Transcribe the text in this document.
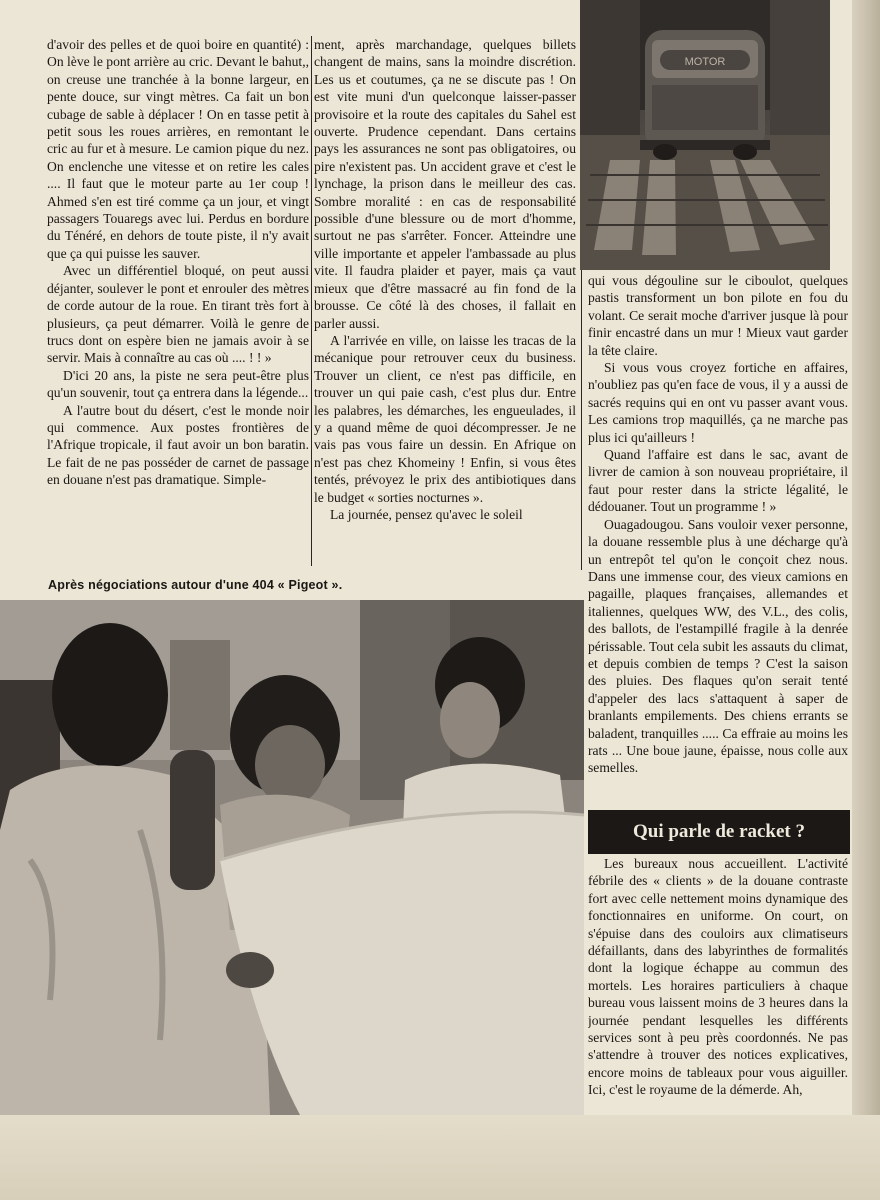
d'avoir des pelles et de quoi boire en quantité) : On lève le pont arrière au cric. Devant le bahut,, on creuse une tranchée à la bonne largeur, en pente douce, sur vingt mètres. Ca fait un bon cubage de sable à déplacer ! On en tasse petit à petit sous les roues arrières, en remontant le cric au fur et à mesure. Le camion pique du nez. On enclenche une vitesse et on retire les cales .... Il faut que le moteur parte au 1er coup ! Ahmed s'en est tiré comme ça un jour, et vingt passagers Touaregs avec lui. Perdus en bordure du Ténéré, en dehors de toute piste, il n'y avait que ça qui puisse les sauver.

Avec un différentiel bloqué, on peut aussi déjanter, soulever le pont et enrouler des mètres de corde autour de la roue. En tirant très fort à plusieurs, ça peut démarrer. Voilà le genre de trucs dont on espère bien ne jamais avoir à se servir. Mais à connaître au cas où .... ! ! »

D'ici 20 ans, la piste ne sera peut-être plus qu'un souvenir, tout ça entrera dans la légende...

A l'autre bout du désert, c'est le monde noir qui commence. Aux postes frontières de l'Afrique tropicale, il faut avoir un bon baratin. Le fait de ne pas posséder de carnet de passage en douane n'est pas dramatique. Simple-

ment, après marchandage, quelques billets changent de mains, sans la moindre discrétion. Les us et coutumes, ça ne se discute pas ! On est vite muni d'un quelconque laisser-passer provisoire et la route des capitales du Sahel est ouverte. Prudence cependant. Dans certains pays les assurances ne sont pas obligatoires, ou pire n'existent pas. Un accident grave et c'est le lynchage, la prison dans le meilleur des cas. Sombre moralité : en cas de responsabilité possible d'une blessure ou de mort d'homme, surtout ne pas s'arrêter. Foncer. Atteindre une ville importante et appeler l'ambassade au plus vite. Il faudra plaider et payer, mais ça vaut mieux que d'être massacré au fin fond de la brousse. Ce côté là des choses, il fallait en parler aussi.

A l'arrivée en ville, on laisse les tracas de la mécanique pour retrouver ceux du business. Trouver un client, ce n'est pas difficile, en trouver un qui paie cash, c'est plus dur. Entre les palabres, les démarches, les engueulades, il y a quand même de quoi décompresser. Je ne vais pas vous faire un dessin. En Afrique on n'est pas chez Khomeiny ! Enfin, si vous êtes tentés, prévoyez le prix des antibiotiques dans le budget « sorties nocturnes ».

La journée, pensez qu'avec le soleil

MOTOR

qui vous dégouline sur le ciboulot, quelques pastis transforment un bon pilote en fou du volant. Ce serait moche d'arriver jusque là pour finir encastré dans un mur ! Mieux vaut garder la tête claire.

Si vous vous croyez fortiche en affaires, n'oubliez pas qu'en face de vous, il y a aussi de sacrés requins qui en ont vu passer avant vous. Les camions trop maquillés, ça ne marche pas plus ici qu'ailleurs !

Quand l'affaire est dans le sac, avant de livrer de camion à son nouveau propriétaire, il faut pour rester dans la stricte légalité, le dédouaner. Tout un programme ! »

Ouagadougou. Sans vouloir vexer personne, la douane ressemble plus à une décharge qu'à un entrepôt tel qu'on le conçoit chez nous. Dans une immense cour, des vieux camions en pagaille, plaques françaises, allemandes et italiennes, quelques WW, des V.L., des colis, des ballots, de l'estampillé fragile à la denrée périssable. Tout cela subit les assauts du climat, et depuis combien de temps ? C'est la saison des pluies. Des flaques qu'on serait tenté d'appeler des lacs s'attaquent à saper de branlants empilements. Des chiens errants se baladent, tranquilles ..... Ca effraie au moins les rats ... Une boue jaune, épaisse, nous colle aux semelles.

Après négociations autour d'une 404 « Pigeot ».
Qui parle de racket ?

Les bureaux nous accueillent. L'activité fébrile des « clients » de la douane contraste fort avec celle nettement moins dynamique des fonctionnaires en uniforme. On court, on s'épuise dans des couloirs aux climatiseurs défaillants, dans des labyrinthes de formalités dont la logique échappe au commun des mortels. Les horaires particuliers à chaque bureau vous laissent moins de 3 heures dans la journée pendant lesquelles les différents services sont à peu près coordonnés. Ne pas s'attendre à trouver des notices explicatives, encore moins de tableaux pour vous aiguiller. Ici, c'est le royaume de la démerde. Ah,
